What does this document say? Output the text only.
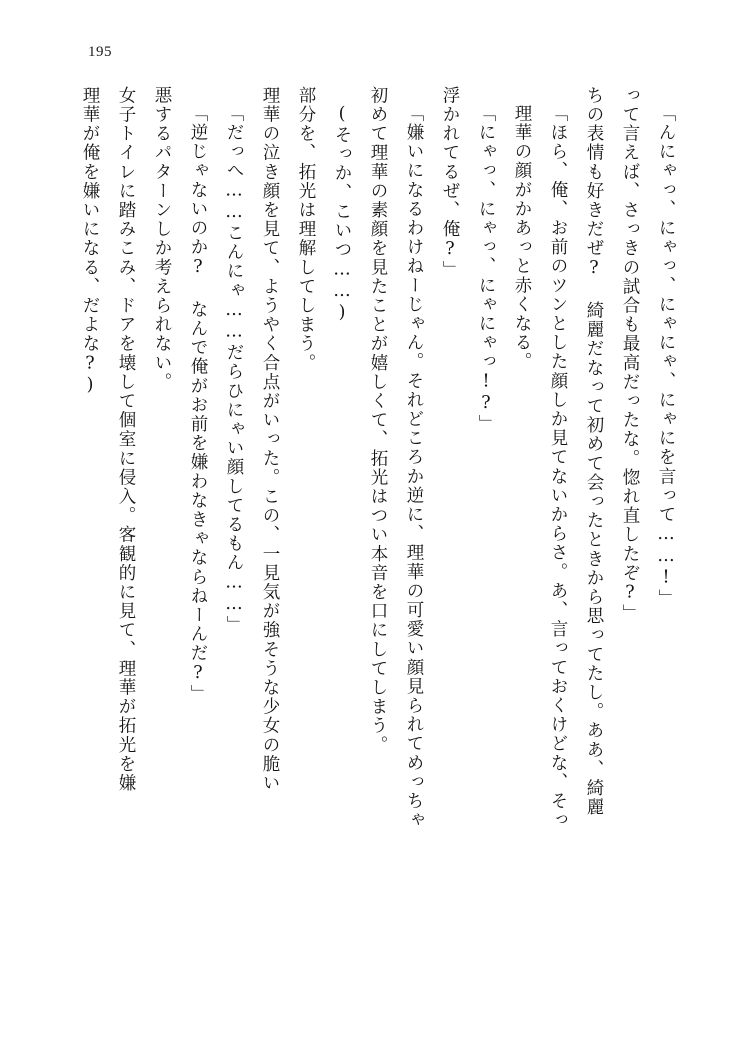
195
理華が俺を嫌いになる、だよな?) 女子トイレに踏みこみ、ドアを壊して個室に侵入。客観的に見て、理華が拓光を嫌 悪するパターンしか考えられない。 「逆じゃないのか? なんで俺がお前を嫌わなきゃならねーんだ?」 「だっへ……こんにゃ……だらひにゃい顔してるもん……」 理華の泣き顔を見て、ようやく合点がいった。この、一見気が強そうな少女の脆い 部分を、拓光は理解してしまう。 (そっか、こいつ……) 初めて理華の素顔を見たことが嬉しくて、拓光はつい本音を口にしてしまう。 「嫌いになるわけねーじゃん。それどころか逆に、理華の可愛い顔見られてめっちゃ 浮かれてるぜ、俺?」 「にゃっ、にゃっ、にゃにゃっ!?」 理華の顔がかあっと赤くなる。 「ほら、俺、お前のツンとした顔しか見てないからさ。あ、言っておくけどな、そっ ちの表情も好きだぜ? 綺麗だなって初めて会ったときから思ってたし。ああ、綺麗 って言えば、さっきの試合も最高だったな。惚れ直したぞ?」 「んにゃっ、にゃっ、にゃにゃ、にゃにを言って……!」
